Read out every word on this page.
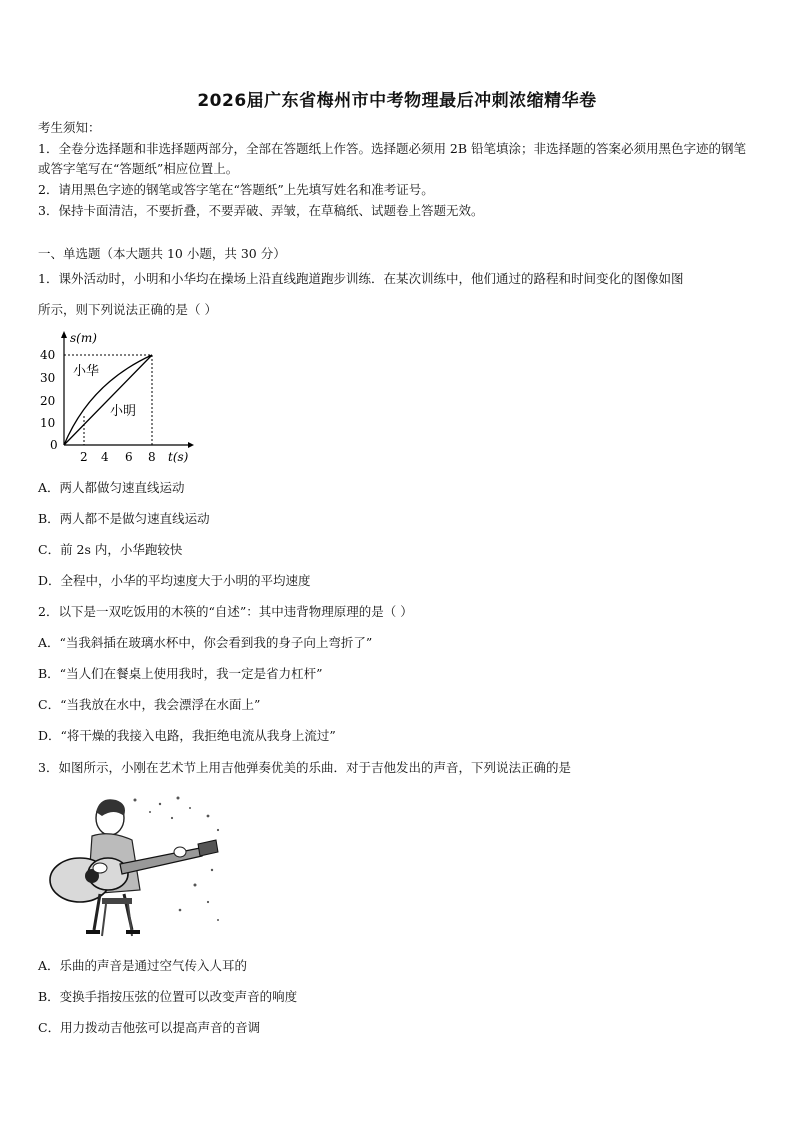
2026届广东省梅州市中考物理最后冲刺浓缩精华卷
考生须知：
1．全卷分选择题和非选择题两部分，全部在答题纸上作答。选择题必须用 2B 铅笔填涂；非选择题的答案必须用黑色字迹的钢笔或答字笔写在“答题纸”相应位置上。
2．请用黑色字迹的钢笔或答字笔在“答题纸”上先填写姓名和准考证号。
3．保持卡面清洁，不要折叠，不要弄破、弄皱，在草稿纸、试题卷上答题无效。
一、单选题（本大题共 10 小题，共 30 分）
1．课外活动时，小明和小华均在操场上沿直线跑道跑步训练．在某次训练中，他们通过的路程和时间变化的图像如图
所示，则下列说法正确的是（ ）
40
30
20
10
0
2 4 6 8 t(s)
s(m)
小华
小明
A．两人都做匀速直线运动
B．两人都不是做匀速直线运动
C．前 2s 内，小华跑较快
D．全程中，小华的平均速度大于小明的平均速度
2．以下是一双吃饭用的木筷的“自述”：其中违背物理原理的是（ ）
A．“当我斜插在玻璃水杯中，你会看到我的身子向上弯折了”
B．“当人们在餐桌上使用我时，我一定是省力杠杆”
C．“当我放在水中，我会漂浮在水面上”
D．“将干燥的我接入电路，我拒绝电流从我身上流过”
3．如图所示，小刚在艺术节上用吉他弹奏优美的乐曲．对于吉他发出的声音，下列说法正确的是
A．乐曲的声音是通过空气传入人耳的
B．变换手指按压弦的位置可以改变声音的响度
C．用力拨动吉他弦可以提高声音的音调
